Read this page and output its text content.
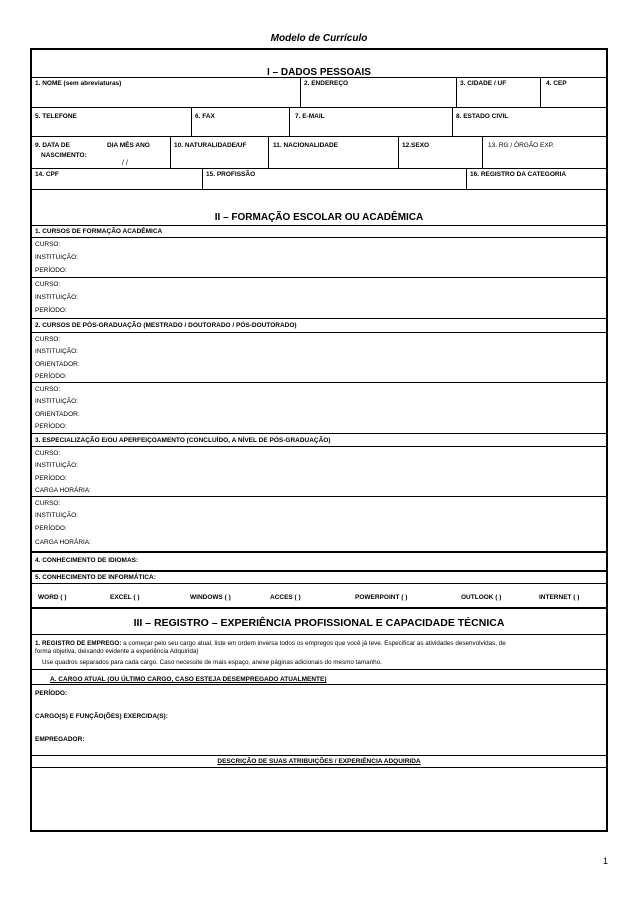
Modelo de Currículo
I – DADOS PESSOAIS
1. NOME (sem abreviaturas)	2. ENDEREÇO	3. CIDADE / UF	4. CEP
5. TELEFONE	6. FAX	7. E-MAIL	8. ESTADO CIVIL
9. DATA DE	DIA MÊS ANO
NASCIMENTO:
/ /
10. NATURALIDADE/UF	11. NACIONALIDADE	12.SEXO	13. RG / ÓRGÃO EXP.
14. CPF	15. PROFISSÃO	16. REGISTRO DA CATEGORIA
II – FORMAÇÃO ESCOLAR OU ACADÊMICA
1. CURSOS DE FORMAÇÃO ACADÊMICA
CURSO:
INSTITUIÇÃO:
PERÍODO:
CURSO:
INSTITUIÇÃO:
PERÍODO:
2. CURSOS DE PÓS-GRADUAÇÃO (MESTRADO / DOUTORADO / PÓS-DOUTORADO)
CURSO:
INSTITUIÇÃO:
ORIENTADOR:
PERÍODO:
CURSO:
INSTITUIÇÃO:
ORIENTADOR:
PERÍODO:
3. ESPECIALIZAÇÃO E/OU APERFEIÇOAMENTO (CONCLUÍDO, A NÍVEL DE PÓS-GRADUAÇÃO)
CURSO:
INSTITUIÇÃO:
PERÍODO:
CARGA HORÁRIA:
CURSO:
INSTITUIÇÃO:
PERÍODO:
CARGA HORÁRIA:
4. CONHECIMENTO DE IDIOMAS:
5. CONHECIMENTO DE INFORMÁTICA:
WORD ( )	EXCEL ( )	WINDOWS ( )	ACCES ( )	POWERPOINT ( )	OUTLOOK ( )	INTERNET ( )
III – REGISTRO – EXPERIÊNCIA PROFISSIONAL E CAPACIDADE TÉCNICA
1. REGISTRO DE EMPREGO: a começar pelo seu cargo atual, liste em ordem inversa todos os empregos que você já teve. Especificar as atividades desenvolvidas, de
forma objetiva, deixando evidente a experiência Adquirida)
Use quadros separados para cada cargo. Caso necessite de mais espaço, anexe páginas adicionais do mesmo tamanho.
A. CARGO ATUAL (OU ÚLTIMO CARGO, CASO ESTEJA DESEMPREGADO ATUALMENTE)
PERÍODO:
CARGO(S) E FUNÇÃO(ÕES) EXERCIDA(S):
EMPREGADOR:
DESCRIÇÃO DE SUAS ATRIBUIÇÕES / EXPERIÊNCIA ADQUIRIDA
1
